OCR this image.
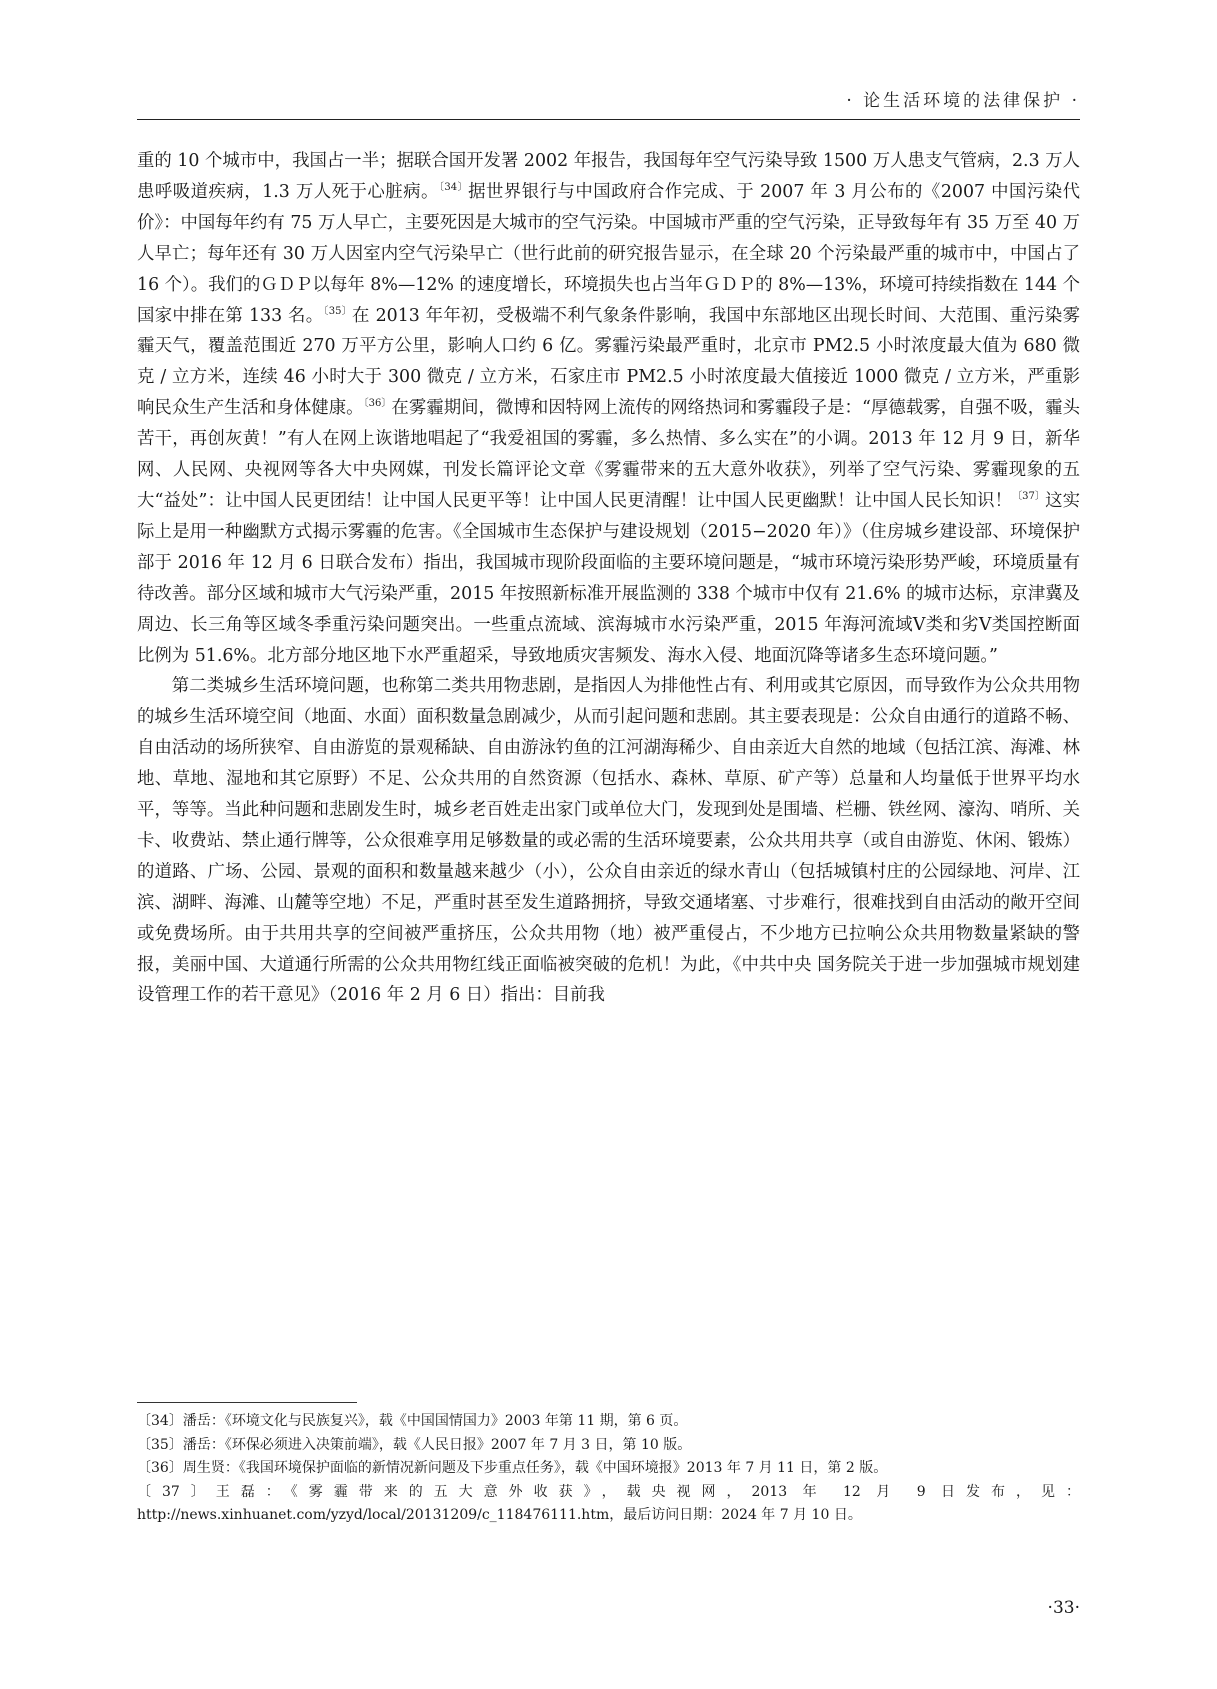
· 论生活环境的法律保护 ·

重的 10 个城市中，我国占一半；据联合国开发署 2002 年报告，我国每年空气污染导致 1500 万人患支气管病，2.3 万人患呼吸道疾病，1.3 万人死于心脏病。$^{〔34〕}$据世界银行与中国政府合作完成、于 2007 年 3 月公布的《2007 中国污染代价》：中国每年约有 75 万人早亡，主要死因是大城市的空气污染。中国城市严重的空气污染，正导致每年有 35 万至 40 万人早亡；每年还有 30 万人因室内空气污染早亡（世行此前的研究报告显示，在全球 20 个污染最严重的城市中，中国占了 16 个）。我们的ＧＤＰ以每年 8%—12% 的速度增长，环境损失也占当年ＧＤＰ的 8%—13%，环境可持续指数在 144 个国家中排在第 133 名。$^{〔35〕}$在 2013 年年初，受极端不利气象条件影响，我国中东部地区出现长时间、大范围、重污染雾霾天气，覆盖范围近 270 万平方公里，影响人口约 6 亿。雾霾污染最严重时，北京市 PM2.5 小时浓度最大值为 680 微克 / 立方米，连续 46 小时大于 300 微克 / 立方米，石家庄市 PM2.5 小时浓度最大值接近 1000 微克 / 立方米，严重影响民众生产生活和身体健康。$^{〔36〕}$在雾霾期间，微博和因特网上流传的网络热词和雾霾段子是：“厚德载雾，自强不吸，霾头苦干，再创灰黄！”有人在网上诙谐地唱起了“我爱祖国的雾霾，多么热情、多么实在”的小调。2013 年 12 月 9 日，新华网、人民网、央视网等各大中央网媒，刊发长篇评论文章《雾霾带来的五大意外收获》，列举了空气污染、雾霾现象的五大“益处”：让中国人民更团结！让中国人民更平等！让中国人民更清醒！让中国人民更幽默！让中国人民长知识！$^{〔37〕}$这实际上是用一种幽默方式揭示雾霾的危害。《全国城市生态保护与建设规划（2015−2020 年）》（住房城乡建设部、环境保护部于 2016 年 12 月 6 日联合发布）指出，我国城市现阶段面临的主要环境问题是，“城市环境污染形势严峻，环境质量有待改善。部分区域和城市大气污染严重，2015 年按照新标准开展监测的 338 个城市中仅有 21.6% 的城市达标，京津冀及周边、长三角等区域冬季重污染问题突出。一些重点流域、滨海城市水污染严重，2015 年海河流域Ⅴ类和劣Ⅴ类国控断面比例为 51.6%。北方部分地区地下水严重超采，导致地质灾害频发、海水入侵、地面沉降等诸多生态环境问题。”

第二类城乡生活环境问题，也称第二类共用物悲剧，是指因人为排他性占有、利用或其它原因，而导致作为公众共用物的城乡生活环境空间（地面、水面）面积数量急剧减少，从而引起问题和悲剧。其主要表现是：公众自由通行的道路不畅、自由活动的场所狭窄、自由游览的景观稀缺、自由游泳钓鱼的江河湖海稀少、自由亲近大自然的地域（包括江滨、海滩、林地、草地、湿地和其它原野）不足、公众共用的自然资源（包括水、森林、草原、矿产等）总量和人均量低于世界平均水平，等等。当此种问题和悲剧发生时，城乡老百姓走出家门或单位大门，发现到处是围墙、栏栅、铁丝网、濠沟、哨所、关卡、收费站、禁止通行牌等，公众很难享用足够数量的或必需的生活环境要素，公众共用共享（或自由游览、休闲、锻炼）的道路、广场、公园、景观的面积和数量越来越少（小），公众自由亲近的绿水青山（包括城镇村庄的公园绿地、河岸、江滨、湖畔、海滩、山麓等空地）不足，严重时甚至发生道路拥挤，导致交通堵塞、寸步难行，很难找到自由活动的敞开空间或免费场所。由于共用共享的空间被严重挤压，公众共用物（地）被严重侵占，不少地方已拉响公众共用物数量紧缺的警报，美丽中国、大道通行所需的公众共用物红线正面临被突破的危机！为此，《中共中央 国务院关于进一步加强城市规划建设管理工作的若干意见》（2016 年 2 月 6 日）指出：目前我

〔34〕潘岳：《环境文化与民族复兴》，载《中国国情国力》2003 年第 11 期，第 6 页。

〔35〕潘岳：《环保必须进入决策前端》，载《人民日报》2007 年 7 月 3 日，第 10 版。

〔36〕周生贤：《我国环境保护面临的新情况新问题及下步重点任务》，载《中国环境报》2013 年 7 月 11 日，第 2 版。

〔37〕王磊：《雾霾带来的五大意外收获》，载央视网，2013 年 12 月 9 日发布，见：http://news.xinhuanet.com/yzyd/local/20131209/c_118476111.htm，最后访问日期：2024 年 7 月 10 日。

·33·
